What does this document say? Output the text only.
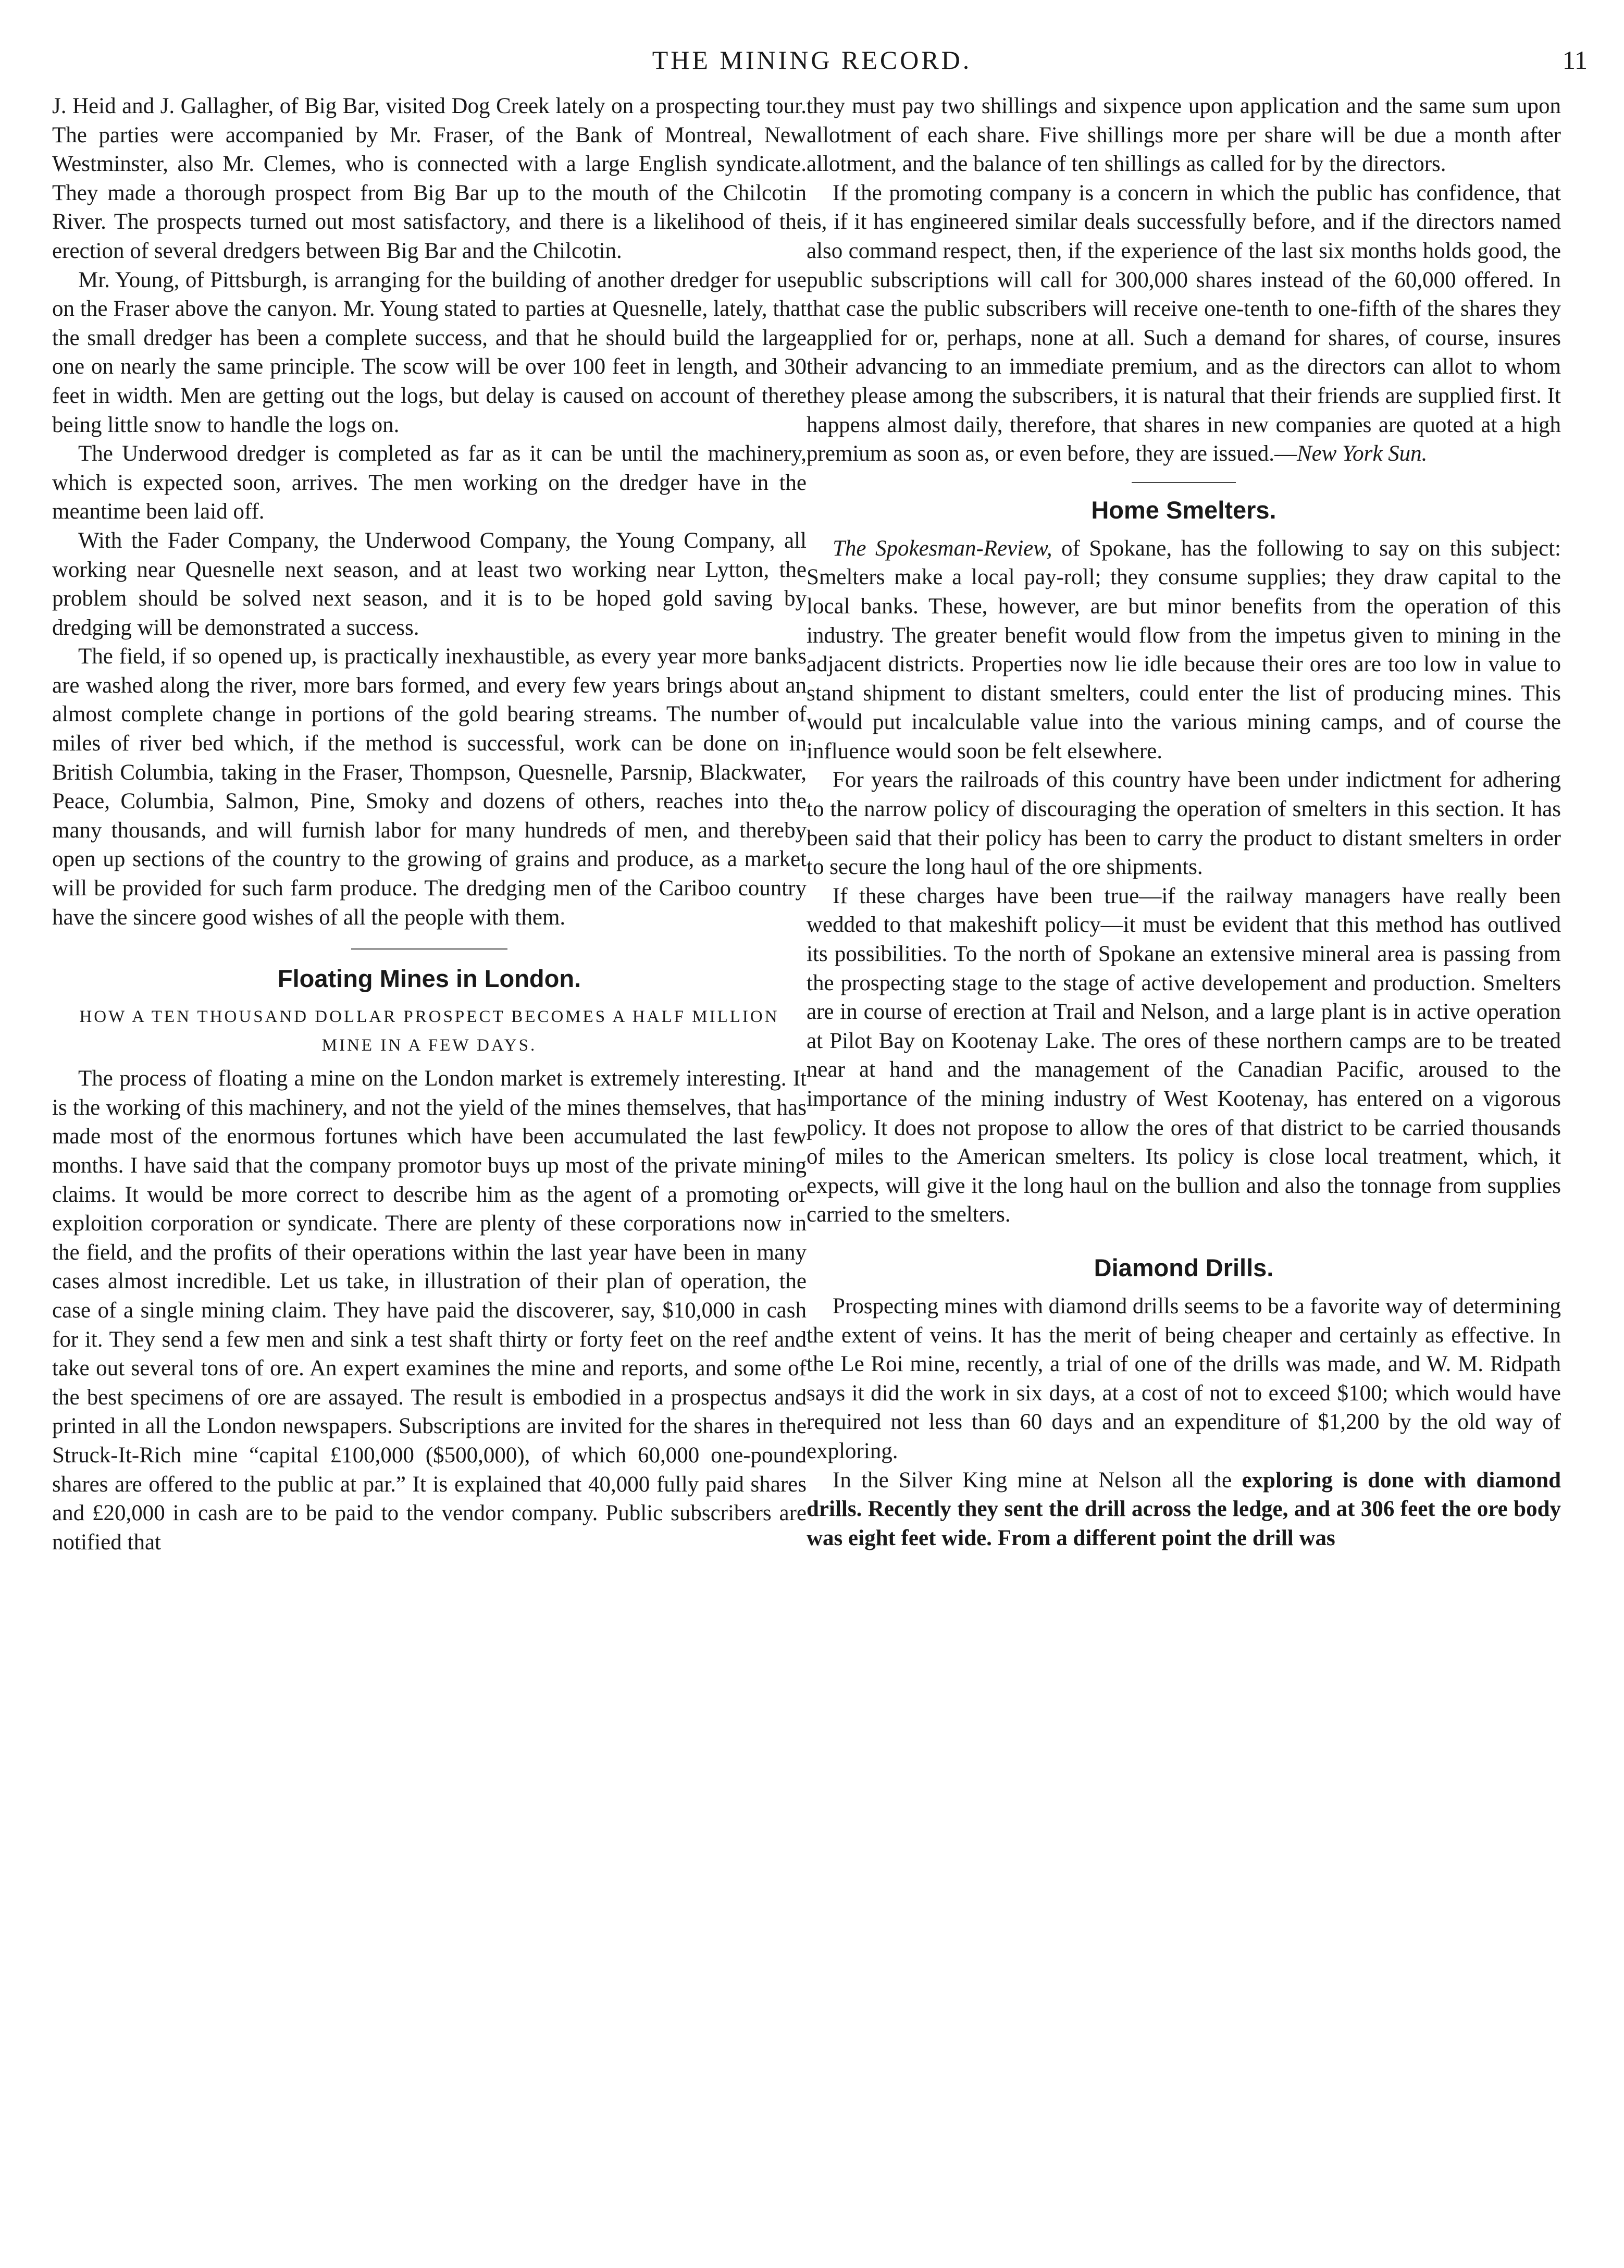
THE MINING RECORD.	11

J. Heid and J. Gallagher, of Big Bar, visited Dog Creek lately on a prospecting tour. The parties were accompanied by Mr. Fraser, of the Bank of Montreal, New Westminster, also Mr. Clemes, who is connected with a large English syndicate. They made a thorough prospect from Big Bar up to the mouth of the Chilcotin River. The prospects turned out most satisfactory, and there is a likelihood of the erection of several dredgers between Big Bar and the Chilcotin.

Mr. Young, of Pittsburgh, is arranging for the building of another dredger for use on the Fraser above the canyon. Mr. Young stated to parties at Quesnelle, lately, that the small dredger has been a complete success, and that he should build the large one on nearly the same principle. The scow will be over 100 feet in length, and 30 feet in width. Men are getting out the logs, but delay is caused on account of there being little snow to handle the logs on.

The Underwood dredger is completed as far as it can be until the machinery, which is expected soon, arrives. The men working on the dredger have in the meantime been laid off.

With the Fader Company, the Underwood Company, the Young Company, all working near Quesnelle next season, and at least two working near Lytton, the problem should be solved next season, and it is to be hoped gold saving by dredging will be demonstrated a success.

The field, if so opened up, is practically inexhaustible, as every year more banks are washed along the river, more bars formed, and every few years brings about an almost complete change in portions of the gold bearing streams. The number of miles of river bed which, if the method is successful, work can be done on in British Columbia, taking in the Fraser, Thompson, Quesnelle, Parsnip, Blackwater, Peace, Columbia, Salmon, Pine, Smoky and dozens of others, reaches into the many thousands, and will furnish labor for many hundreds of men, and thereby open up sections of the country to the growing of grains and produce, as a market will be provided for such farm produce. The dredging men of the Cariboo country have the sincere good wishes of all the people with them.

Floating Mines in London.
HOW A TEN THOUSAND DOLLAR PROSPECT BECOMES A HALF MILLION MINE IN A FEW DAYS.

The process of floating a mine on the London market is extremely interesting. It is the working of this machinery, and not the yield of the mines themselves, that has made most of the enormous fortunes which have been accumulated the last few months. I have said that the company promotor buys up most of the private mining claims. It would be more correct to describe him as the agent of a promoting or exploition corporation or syndicate. There are plenty of these corporations now in the field, and the profits of their operations within the last year have been in many cases almost incredible. Let us take, in illustration of their plan of operation, the case of a single mining claim. They have paid the discoverer, say, $10,000 in cash for it. They send a few men and sink a test shaft thirty or forty feet on the reef and take out several tons of ore. An expert examines the mine and reports, and some of the best specimens of ore are assayed. The result is embodied in a prospectus and printed in all the London newspapers. Subscriptions are invited for the shares in the Struck-It-Rich mine “capital £100,000 ($500,000), of which 60,000 one-pound shares are offered to the public at par.” It is explained that 40,000 fully paid shares and £20,000 in cash are to be paid to the vendor company. Public subscribers are notified that

they must pay two shillings and sixpence upon application and the same sum upon allotment of each share. Five shillings more per share will be due a month after allotment, and the balance of ten shillings as called for by the directors.

If the promoting company is a concern in which the public has confidence, that is, if it has engineered similar deals successfully before, and if the directors named also command respect, then, if the experience of the last six months holds good, the public subscriptions will call for 300,000 shares instead of the 60,000 offered. In that case the public subscribers will receive one-tenth to one-fifth of the shares they applied for or, perhaps, none at all. Such a demand for shares, of course, insures their advancing to an immediate premium, and as the directors can allot to whom they please among the subscribers, it is natural that their friends are supplied first. It happens almost daily, therefore, that shares in new companies are quoted at a high premium as soon as, or even before, they are issued.—New York Sun.

Home Smelters.

The Spokesman-Review, of Spokane, has the following to say on this subject: Smelters make a local pay-roll; they consume supplies; they draw capital to the local banks. These, however, are but minor benefits from the operation of this industry. The greater benefit would flow from the impetus given to mining in the adjacent districts. Properties now lie idle because their ores are too low in value to stand shipment to distant smelters, could enter the list of producing mines. This would put incalculable value into the various mining camps, and of course the influence would soon be felt elsewhere.

For years the railroads of this country have been under indictment for adhering to the narrow policy of discouraging the operation of smelters in this section. It has been said that their policy has been to carry the product to distant smelters in order to secure the long haul of the ore shipments.

If these charges have been true—if the railway managers have really been wedded to that makeshift policy—it must be evident that this method has outlived its possibilities. To the north of Spokane an extensive mineral area is passing from the prospecting stage to the stage of active developement and production. Smelters are in course of erection at Trail and Nelson, and a large plant is in active operation at Pilot Bay on Kootenay Lake. The ores of these northern camps are to be treated near at hand and the management of the Canadian Pacific, aroused to the importance of the mining industry of West Kootenay, has entered on a vigorous policy. It does not propose to allow the ores of that district to be carried thousands of miles to the American smelters. Its policy is close local treatment, which, it expects, will give it the long haul on the bullion and also the tonnage from supplies carried to the smelters.

Diamond Drills.

Prospecting mines with diamond drills seems to be a favorite way of determining the extent of veins. It has the merit of being cheaper and certainly as effective. In the Le Roi mine, recently, a trial of one of the drills was made, and W. M. Ridpath says it did the work in six days, at a cost of not to exceed $100; which would have required not less than 60 days and an expenditure of $1,200 by the old way of exploring.

In the Silver King mine at Nelson all the exploring is done with diamond drills. Recently they sent the drill across the ledge, and at 306 feet the ore body was eight feet wide. From a different point the drill was
